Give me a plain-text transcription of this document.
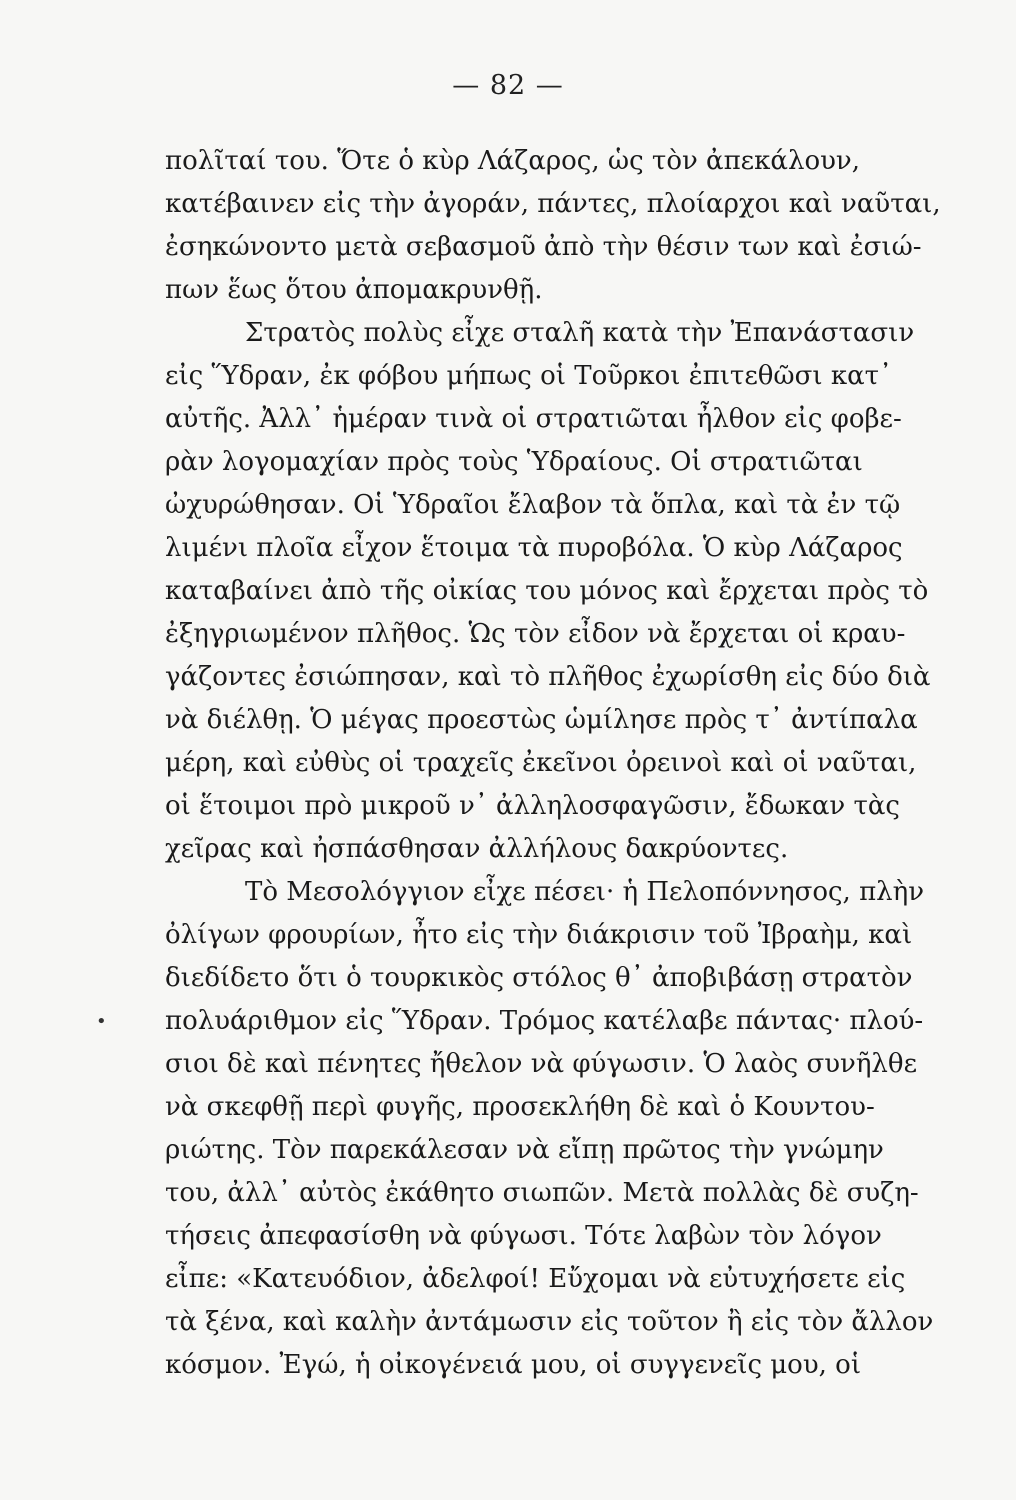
— 82 —
•
πολῖταί του. Ὅτε ὁ κὺρ Λάζαρος, ὡς τὸν ἀπεκάλουν,
κατέβαινεν εἰς τὴν ἀγοράν, πάντες, πλοίαρχοι καὶ ναῦται,
ἐσηκώνοντο μετὰ σεβασμοῦ ἀπὸ τὴν θέσιν των καὶ ἐσιώ-
πων ἕως ὅτου ἀπομακρυνθῇ.
Στρατὸς πολὺς εἶχε σταλῆ κατὰ τὴν Ἐπανάστασιν
εἰς Ὕδραν, ἐκ φόβου μήπως οἱ Τοῦρκοι ἐπιτεθῶσι κατ᾽
αὐτῆς. Ἀλλ᾽ ἡμέραν τινὰ οἱ στρατιῶται ἦλθον εἰς φοβε-
ρὰν λογομαχίαν πρὸς τοὺς Ὑδραίους. Οἱ στρατιῶται
ὠχυρώθησαν. Οἱ Ὑδραῖοι ἔλαβον τὰ ὅπλα, καὶ τὰ ἐν τῷ
λιμένι πλοῖα εἶχον ἕτοιμα τὰ πυροβόλα. Ὁ κὺρ Λάζαρος
καταβαίνει ἀπὸ τῆς οἰκίας του μόνος καὶ ἔρχεται πρὸς τὸ
ἐξηγριωμένον πλῆθος. Ὡς τὸν εἶδον νὰ ἔρχεται οἱ κραυ-
γάζοντες ἐσιώπησαν, καὶ τὸ πλῆθος ἐχωρίσθη εἰς δύο διὰ
νὰ διέλθῃ. Ὁ μέγας προεστὼς ὡμίλησε πρὸς τ᾽ ἀντίπαλα
μέρη, καὶ εὐθὺς οἱ τραχεῖς ἐκεῖνοι ὀρεινοὶ καὶ οἱ ναῦται,
οἱ ἕτοιμοι πρὸ μικροῦ ν᾽ ἀλληλοσφαγῶσιν, ἔδωκαν τὰς
χεῖρας καὶ ἠσπάσθησαν ἀλλήλους δακρύοντες.
Τὸ Μεσολόγγιον εἶχε πέσει· ἡ Πελοπόννησος, πλὴν
ὀλίγων φρουρίων, ἦτο εἰς τὴν διάκρισιν τοῦ Ἰβραὴμ, καὶ
διεδίδετο ὅτι ὁ τουρκικὸς στόλος θ᾽ ἀποβιβάσῃ στρατὸν
πολυάριθμον εἰς Ὕδραν. Τρόμος κατέλαβε πάντας· πλού-
σιοι δὲ καὶ πένητες ἤθελον νὰ φύγωσιν. Ὁ λαὸς συνῆλθε
νὰ σκεφθῇ περὶ φυγῆς, προσεκλήθη δὲ καὶ ὁ Κουντου-
ριώτης. Τὸν παρεκάλεσαν νὰ εἴπῃ πρῶτος τὴν γνώμην
του, ἀλλ᾽ αὐτὸς ἐκάθητο σιωπῶν. Μετὰ πολλὰς δὲ συζη-
τήσεις ἀπεφασίσθη νὰ φύγωσι. Τότε λαβὼν τὸν λόγον
εἶπε: «Κατευόδιον, ἀδελφοί! Εὔχομαι νὰ εὐτυχήσετε εἰς
τὰ ξένα, καὶ καλὴν ἀντάμωσιν εἰς τοῦτον ἢ εἰς τὸν ἄλλον
κόσμον. Ἐγώ, ἡ οἰκογένειά μου, οἱ συγγενεῖς μου, οἱ
